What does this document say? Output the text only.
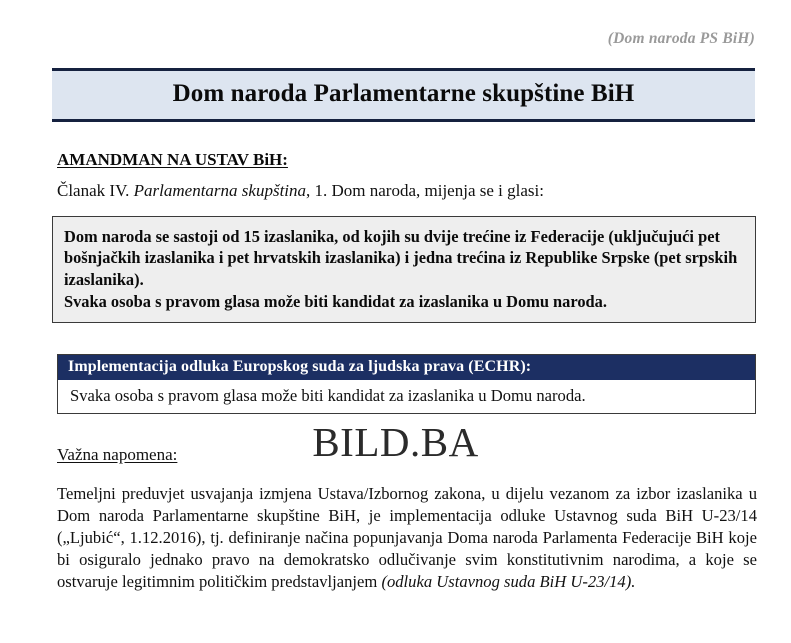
(Dom naroda PS BiH)
Dom naroda Parlamentarne skupštine BiH
AMANDMAN NA USTAV BiH:
Članak IV. Parlamentarna skupština, 1. Dom naroda, mijenja se i glasi:

Dom naroda se sastoji od 15 izaslanika, od kojih su dvije trećine iz Federacije (uključujući pet bošnjačkih izaslanika i pet hrvatskih izaslanika) i jedna trećina iz Republike Srpske (pet srpskih izaslanika).

Svaka osoba s pravom glasa može biti kandidat za izaslanika u Domu naroda.

Implementacija odluka Europskog suda za ljudska prava (ECHR):
Svaka osoba s pravom glasa može biti kandidat za izaslanika u Domu naroda.
BILD.BA
Važna napomena:
Temeljni preduvjet usvajanja izmjena Ustava/Izbornog zakona, u dijelu vezanom za izbor izaslanika u Dom naroda Parlamentarne skupštine BiH, je implementacija odluke Ustavnog suda BiH U-23/14 („Ljubić“, 1.12.2016), tj. definiranje načina popunjavanja Doma naroda Parlamenta Federacije BiH koje bi osiguralo jednako pravo na demokratsko odlučivanje svim konstitutivnim narodima, a koje se ostvaruje legitimnim političkim predstavljanjem (odluka Ustavnog suda BiH U-23/14).
